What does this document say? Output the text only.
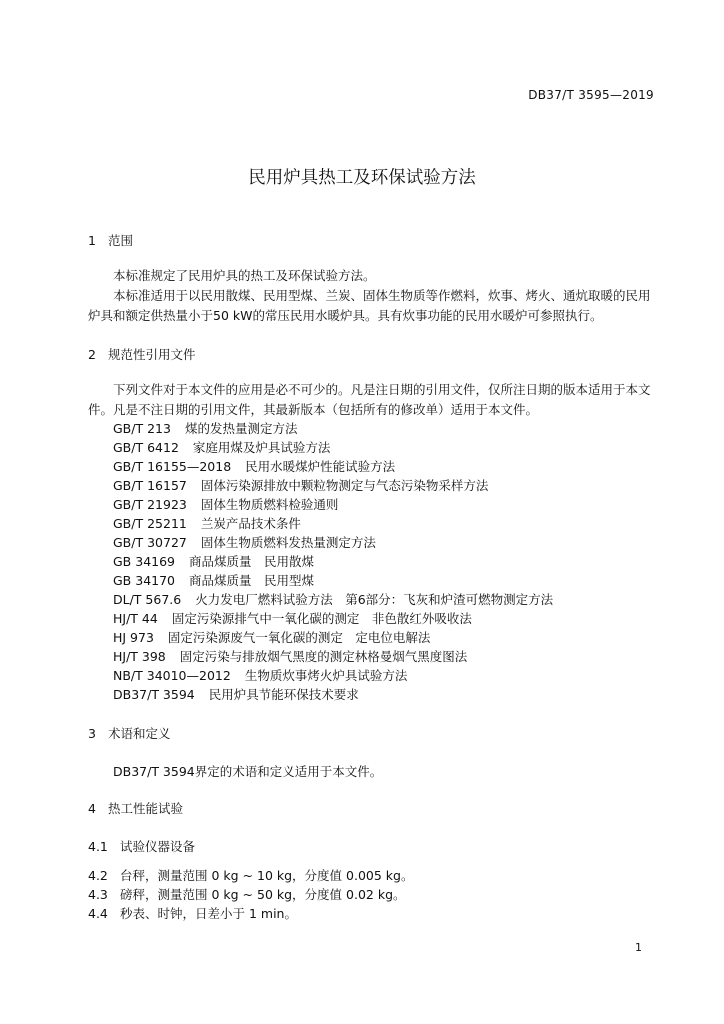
DB37/T 3595—2019
民用炉具热工及环保试验方法
1 范围
本标准规定了民用炉具的热工及环保试验方法。
本标准适用于以民用散煤、民用型煤、兰炭、固体生物质等作燃料，炊事、烤火、通炕取暖的民用炉具和额定供热量小于50 kW的常压民用水暖炉具。具有炊事功能的民用水暖炉可参照执行。
2 规范性引用文件
下列文件对于本文件的应用是必不可少的。凡是注日期的引用文件，仅所注日期的版本适用于本文件。凡是不注日期的引用文件，其最新版本（包括所有的修改单）适用于本文件。
GB/T 213 煤的发热量测定方法
GB/T 6412 家庭用煤及炉具试验方法
GB/T 16155—2018 民用水暖煤炉性能试验方法
GB/T 16157 固体污染源排放中颗粒物测定与气态污染物采样方法
GB/T 21923 固体生物质燃料检验通则
GB/T 25211 兰炭产品技术条件
GB/T 30727 固体生物质燃料发热量测定方法
GB 34169 商品煤质量　民用散煤
GB 34170 商品煤质量　民用型煤
DL/T 567.6 火力发电厂燃料试验方法　第6部分：飞灰和炉渣可燃物测定方法
HJ/T 44 固定污染源排气中一氧化碳的测定　非色散红外吸收法
HJ 973 固定污染源废气一氧化碳的测定　定电位电解法
HJ/T 398 固定污染与排放烟气黑度的测定林格曼烟气黑度图法
NB/T 34010—2012 生物质炊事烤火炉具试验方法
DB37/T 3594 民用炉具节能环保技术要求
3 术语和定义
DB37/T 3594界定的术语和定义适用于本文件。
4 热工性能试验
4.1 试验仪器设备
4.2 台秤，测量范围 0 kg ~ 10 kg，分度值 0.005 kg。
4.3 磅秤，测量范围 0 kg ~ 50 kg，分度值 0.02 kg。
4.4 秒表、时钟，日差小于 1 min。
1
